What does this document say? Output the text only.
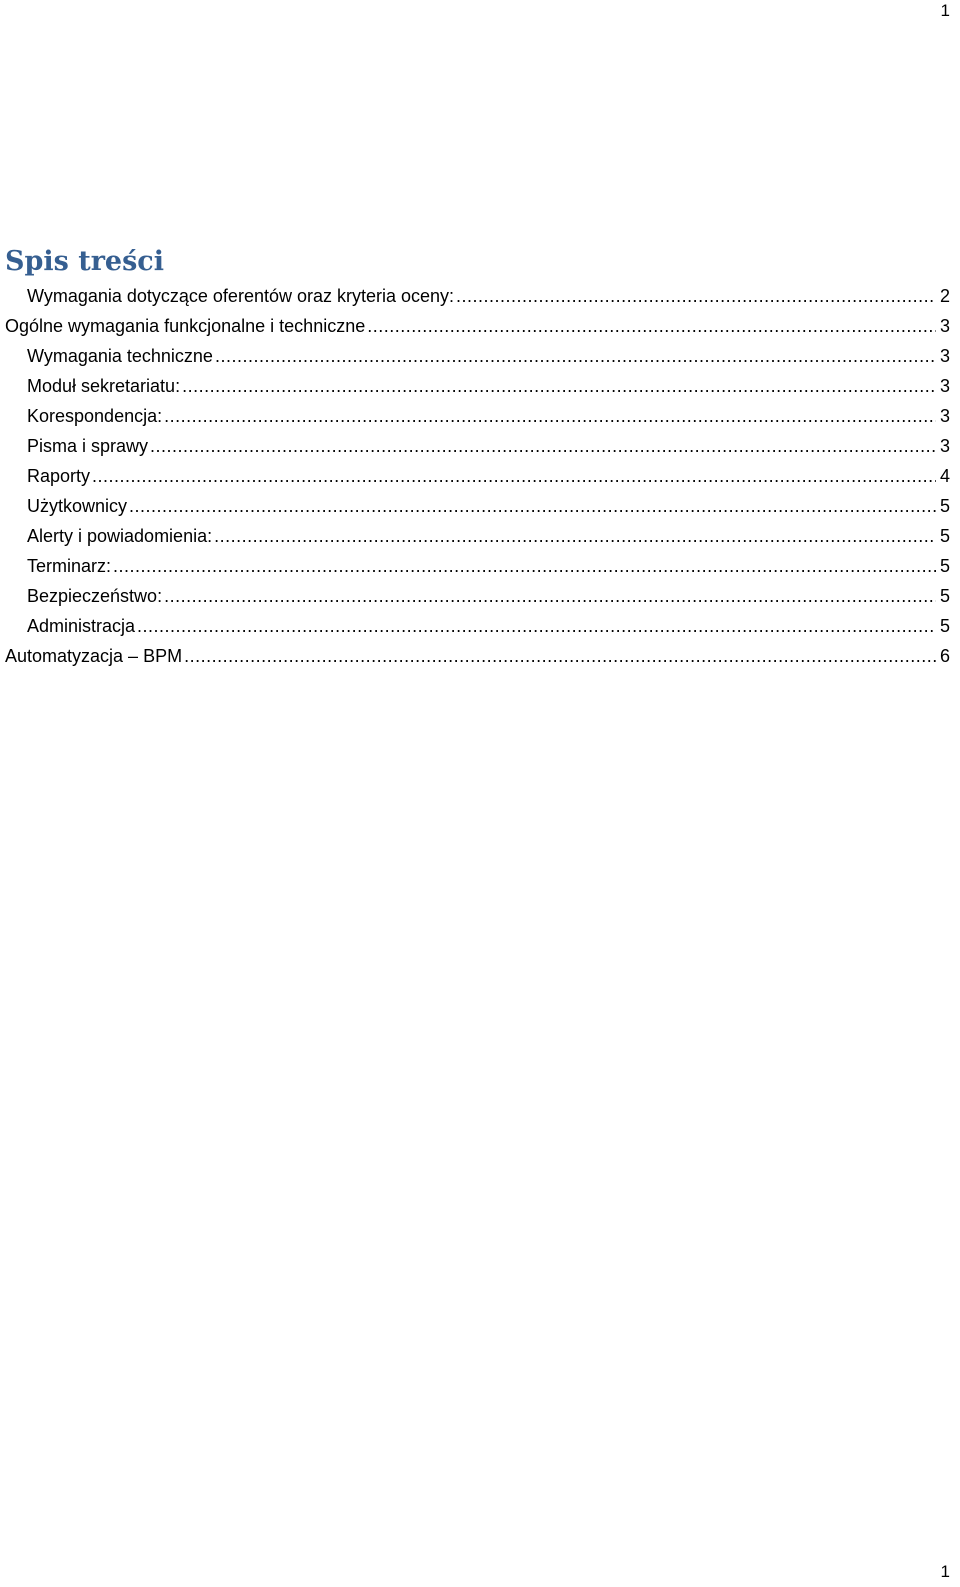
1
Spis treści
Wymagania dotyczące oferentów oraz kryteria oceny: .....	2
Ogólne wymagania funkcjonalne i techniczne .....	3
Wymagania techniczne .....	3
Moduł sekretariatu: .....	3
Korespondencja: .....	3
Pisma i sprawy .....	3
Raporty .....	4
Użytkownicy .....	5
Alerty i powiadomienia: .....	5
Terminarz: .....	5
Bezpieczeństwo: .....	5
Administracja .....	5
Automatyzacja – BPM .....	6
1
